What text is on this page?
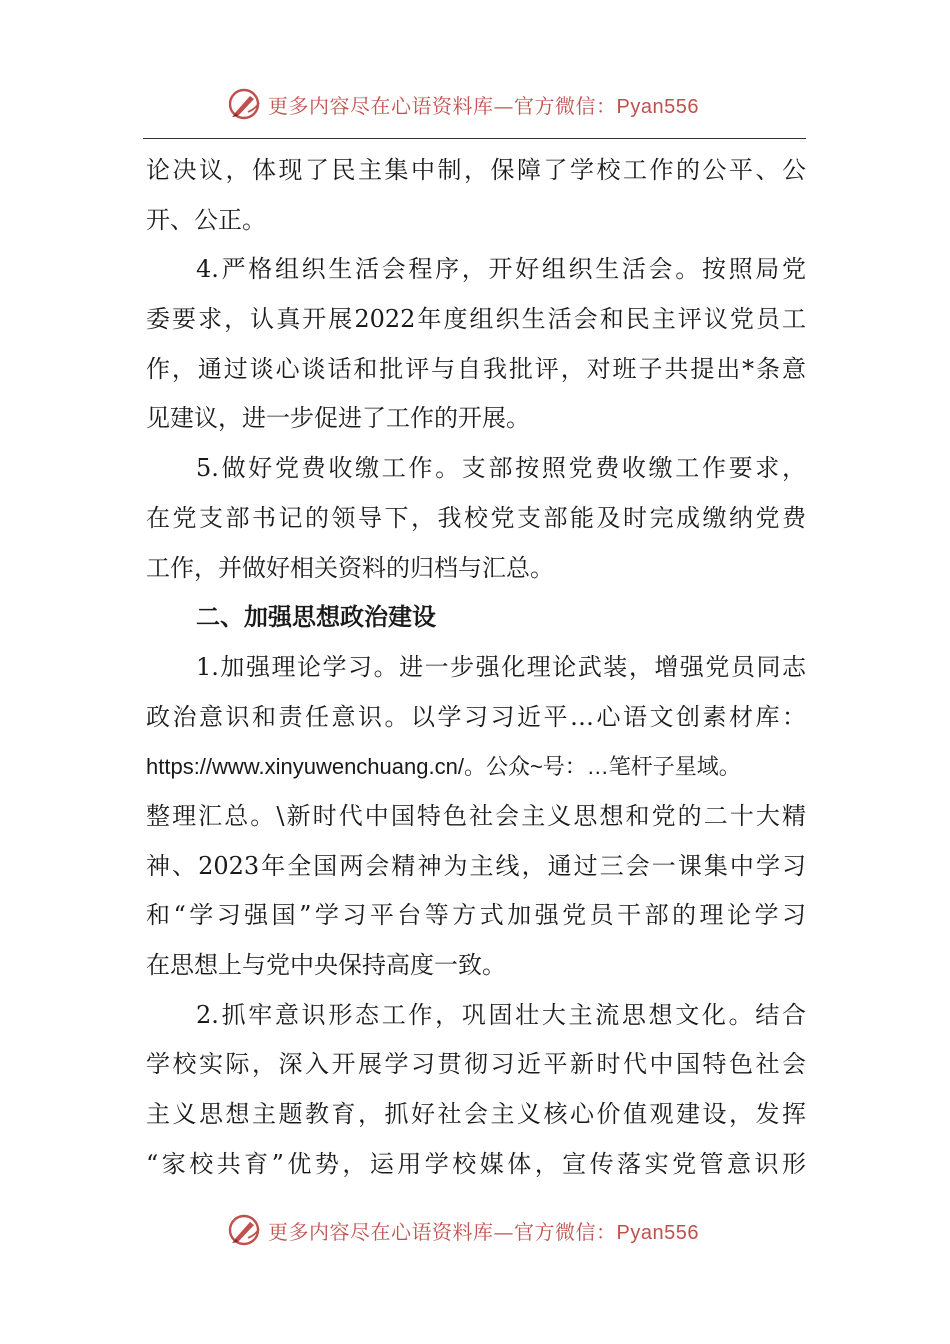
更多内容尽在心语资料库—官方微信：Pyan556
论决议，体现了民主集中制，保障了学校工作的公平、公
开、公正。
4.严格组织生活会程序，开好组织生活会。按照局党
委要求，认真开展2022年度组织生活会和民主评议党员工
作，通过谈心谈话和批评与自我批评，对班子共提出*条意
见建议，进一步促进了工作的开展。
5.做好党费收缴工作。支部按照党费收缴工作要求，
在党支部书记的领导下，我校党支部能及时完成缴纳党费
工作，并做好相关资料的归档与汇总。
二、加强思想政治建设
1.加强理论学习。进一步强化理论武装，增强党员同志
政治意识和责任意识。以学习习近平…心语文创素材库：
https://www.xinyuwenchuang.cn/。公众~号：…笔杆子星域。
整理汇总。\新时代中国特色社会主义思想和党的二十大精
神、2023年全国两会精神为主线，通过三会一课集中学习
和“学习强国”学习平台等方式加强党员干部的理论学习
在思想上与党中央保持高度一致。
2.抓牢意识形态工作，巩固壮大主流思想文化。结合
学校实际，深入开展学习贯彻习近平新时代中国特色社会
主义思想主题教育，抓好社会主义核心价值观建设，发挥
“家校共育”优势，运用学校媒体，宣传落实党管意识形
更多内容尽在心语资料库—官方微信：Pyan556
